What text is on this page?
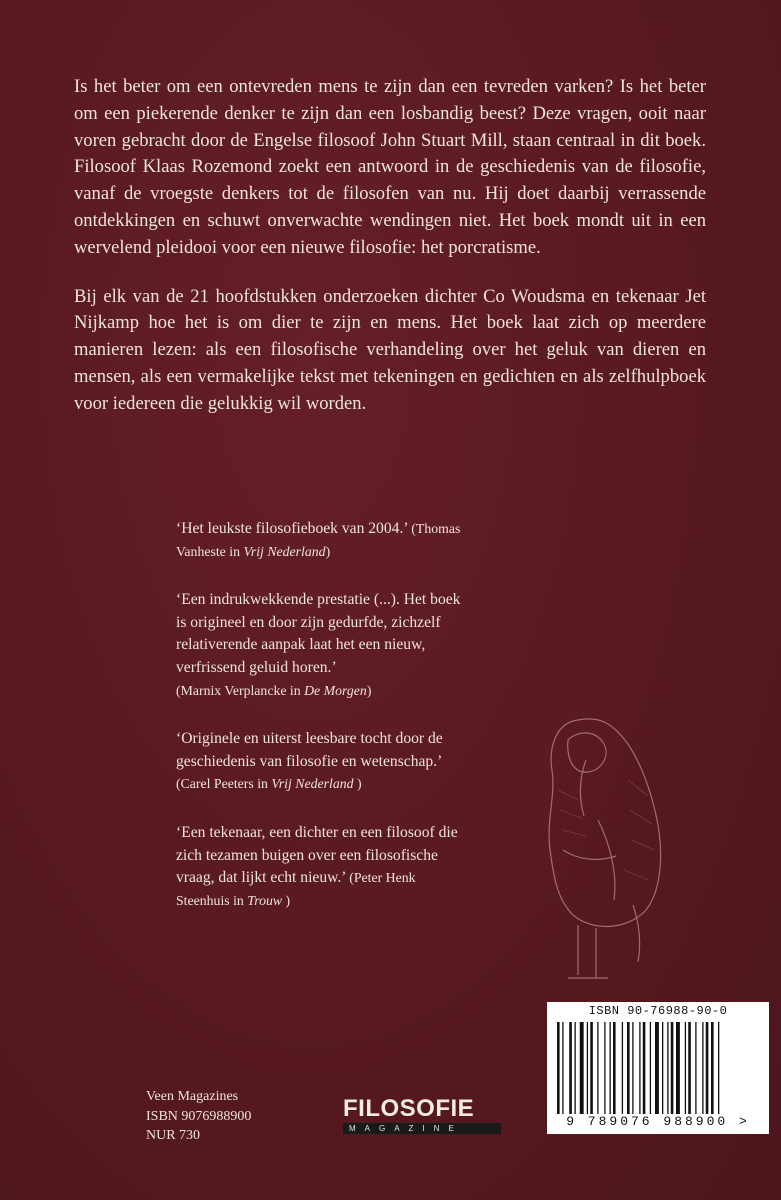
Is het beter om een ontevreden mens te zijn dan een tevreden varken? Is het beter om een piekerende denker te zijn dan een losbandig beest? Deze vragen, ooit naar voren gebracht door de Engelse filosoof John Stuart Mill, staan centraal in dit boek. Filosoof Klaas Rozemond zoekt een antwoord in de geschiedenis van de filosofie, vanaf de vroegste denkers tot de filosofen van nu. Hij doet daarbij verrassende ontdekkingen en schuwt onverwachte wendingen niet. Het boek mondt uit in een wervelend pleidooi voor een nieuwe filosofie: het porcratisme.

Bij elk van de 21 hoofdstukken onderzoeken dichter Co Woudsma en tekenaar Jet Nijkamp hoe het is om dier te zijn en mens. Het boek laat zich op meerdere manieren lezen: als een filosofische verhandeling over het geluk van dieren en mensen, als een vermakelijke tekst met tekeningen en gedichten en als zelfhulpboek voor iedereen die gelukkig wil worden.

‘Het leukste filosofieboek van 2004.’ (Thomas Vanheste in Vrij Nederland)
‘Een indrukwekkende prestatie (...). Het boek is origineel en door zijn gedurfde, zichzelf relativerende aanpak laat het een nieuw, verfrissend geluid horen.’
(Marnix Verplancke in De Morgen)
‘Originele en uiterst leesbare tocht door de geschiedenis van filosofie en wetenschap.’ (Carel Peeters in Vrij Nederland )
‘Een tekenaar, een dichter en een filosoof die zich tezamen buigen over een filosofische vraag, dat lijkt echt nieuw.’ (Peter Henk Steenhuis in Trouw )
Veen Magazines
ISBN 9076988900
NUR 730
FILOSOFIE
MAGAZINE
ISBN 90-76988-90-0
9 789076 988900 >
